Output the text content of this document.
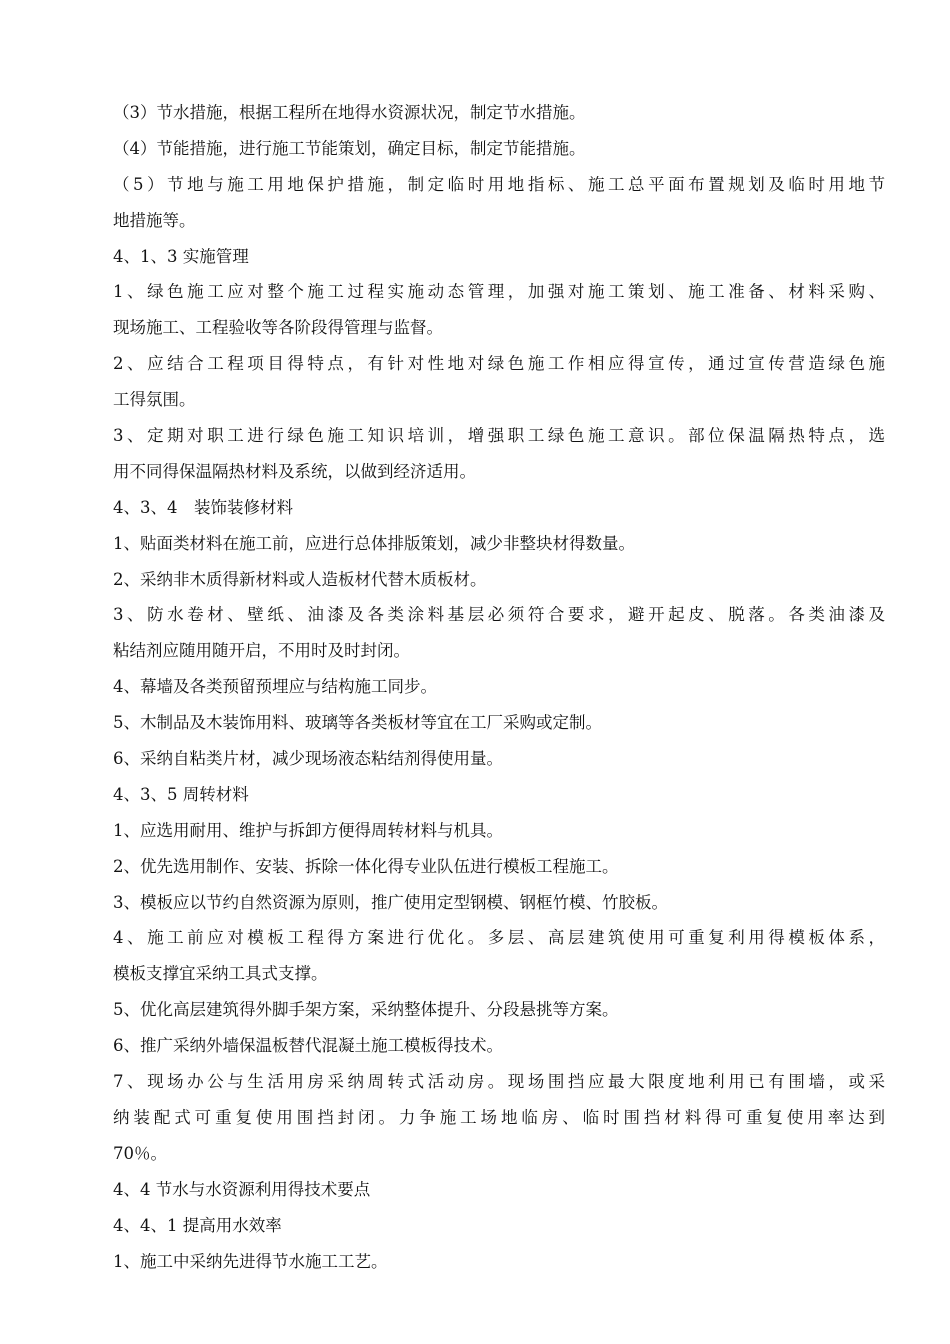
（3）节水措施，根据工程所在地得水资源状况，制定节水措施。
（4）节能措施，进行施工节能策划，确定目标，制定节能措施。
（5）节地与施工用地保护措施，制定临时用地指标、施工总平面布置规划及临时用地节
地措施等。
4、1、3 实施管理
1、绿色施工应对整个施工过程实施动态管理，加强对施工策划、施工准备、材料采购、
现场施工、工程验收等各阶段得管理与监督。
2、应结合工程项目得特点，有针对性地对绿色施工作相应得宣传，通过宣传营造绿色施
工得氛围。
3、定期对职工进行绿色施工知识培训，增强职工绿色施工意识。部位保温隔热特点，选
用不同得保温隔热材料及系统，以做到经济适用。
4、3、4　装饰装修材料
1、贴面类材料在施工前，应进行总体排版策划，减少非整块材得数量。
2、采纳非木质得新材料或人造板材代替木质板材。
3、防水卷材、壁纸、油漆及各类涂料基层必须符合要求，避开起皮、脱落。各类油漆及
粘结剂应随用随开启，不用时及时封闭。
4、幕墙及各类预留预埋应与结构施工同步。
5、木制品及木装饰用料、玻璃等各类板材等宜在工厂采购或定制。
6、采纳自粘类片材，减少现场液态粘结剂得使用量。
4、3、5 周转材料
1、应选用耐用、维护与拆卸方便得周转材料与机具。
2、优先选用制作、安装、拆除一体化得专业队伍进行模板工程施工。
3、模板应以节约自然资源为原则，推广使用定型钢模、钢框竹模、竹胶板。
4、施工前应对模板工程得方案进行优化。多层、高层建筑使用可重复利用得模板体系，
模板支撑宜采纳工具式支撑。
5、优化高层建筑得外脚手架方案，采纳整体提升、分段悬挑等方案。
6、推广采纳外墙保温板替代混凝土施工模板得技术。
7、现场办公与生活用房采纳周转式活动房。现场围挡应最大限度地利用已有围墙，或采
纳装配式可重复使用围挡封闭。力争施工场地临房、临时围挡材料得可重复使用率达到
70％。
4、4 节水与水资源利用得技术要点
4、4、1 提高用水效率
1、施工中采纳先进得节水施工工艺。
